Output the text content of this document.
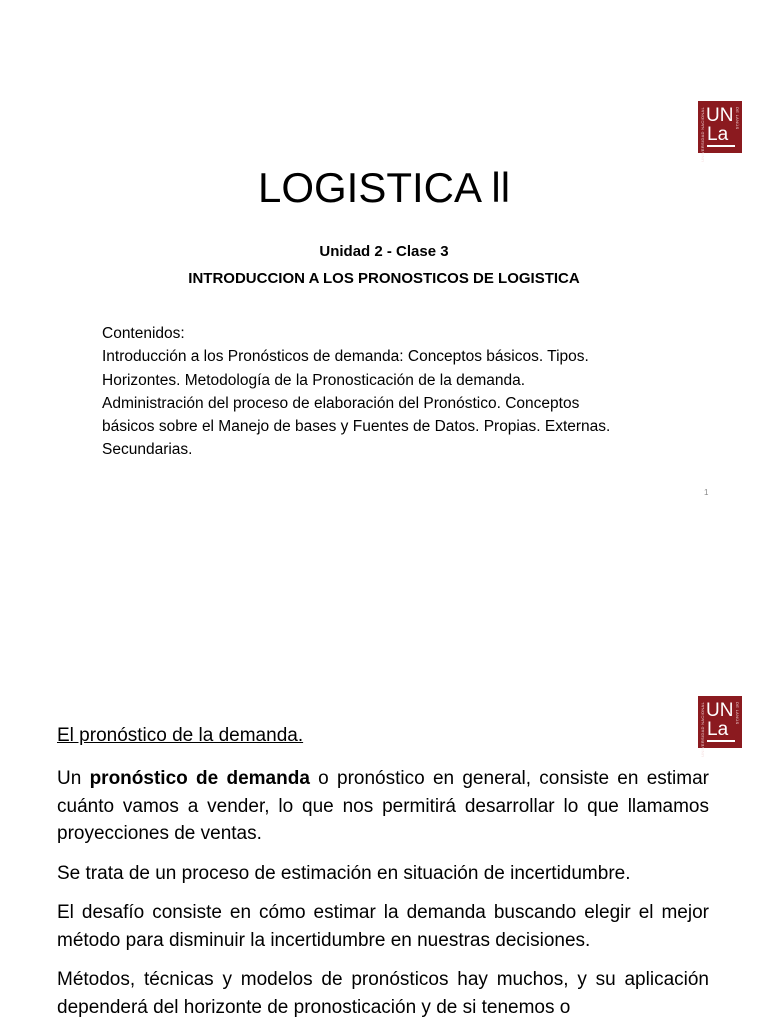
UNIVERSIDAD NACIONAL	DE LANÚS
UN
La
LOGISTICA ll
Unidad 2 - Clase 3
INTRODUCCION A LOS PRONOSTICOS DE LOGISTICA
Contenidos:
Introducción a los Pronósticos de demanda: Conceptos básicos. Tipos.
Horizontes. Metodología de la Pronosticación de la demanda.
Administración del proceso de elaboración del Pronóstico. Conceptos
básicos sobre el Manejo de bases y Fuentes de Datos. Propias. Externas.
Secundarias.
1
UNIVERSIDAD NACIONAL	DE LANÚS
UN
La
El pronóstico de la demanda.

Un pronóstico de demanda o pronóstico en general, consiste en estimar cuánto vamos a vender, lo que nos permitirá desarrollar lo que llamamos proyecciones de ventas.

Se trata de un proceso de estimación en situación de incertidumbre.

El desafío consiste en cómo estimar la demanda buscando elegir el mejor método para disminuir la incertidumbre en nuestras decisiones.

Métodos, técnicas y modelos de pronósticos hay muchos, y su aplicación dependerá del horizonte de pronosticación y de si tenemos o
